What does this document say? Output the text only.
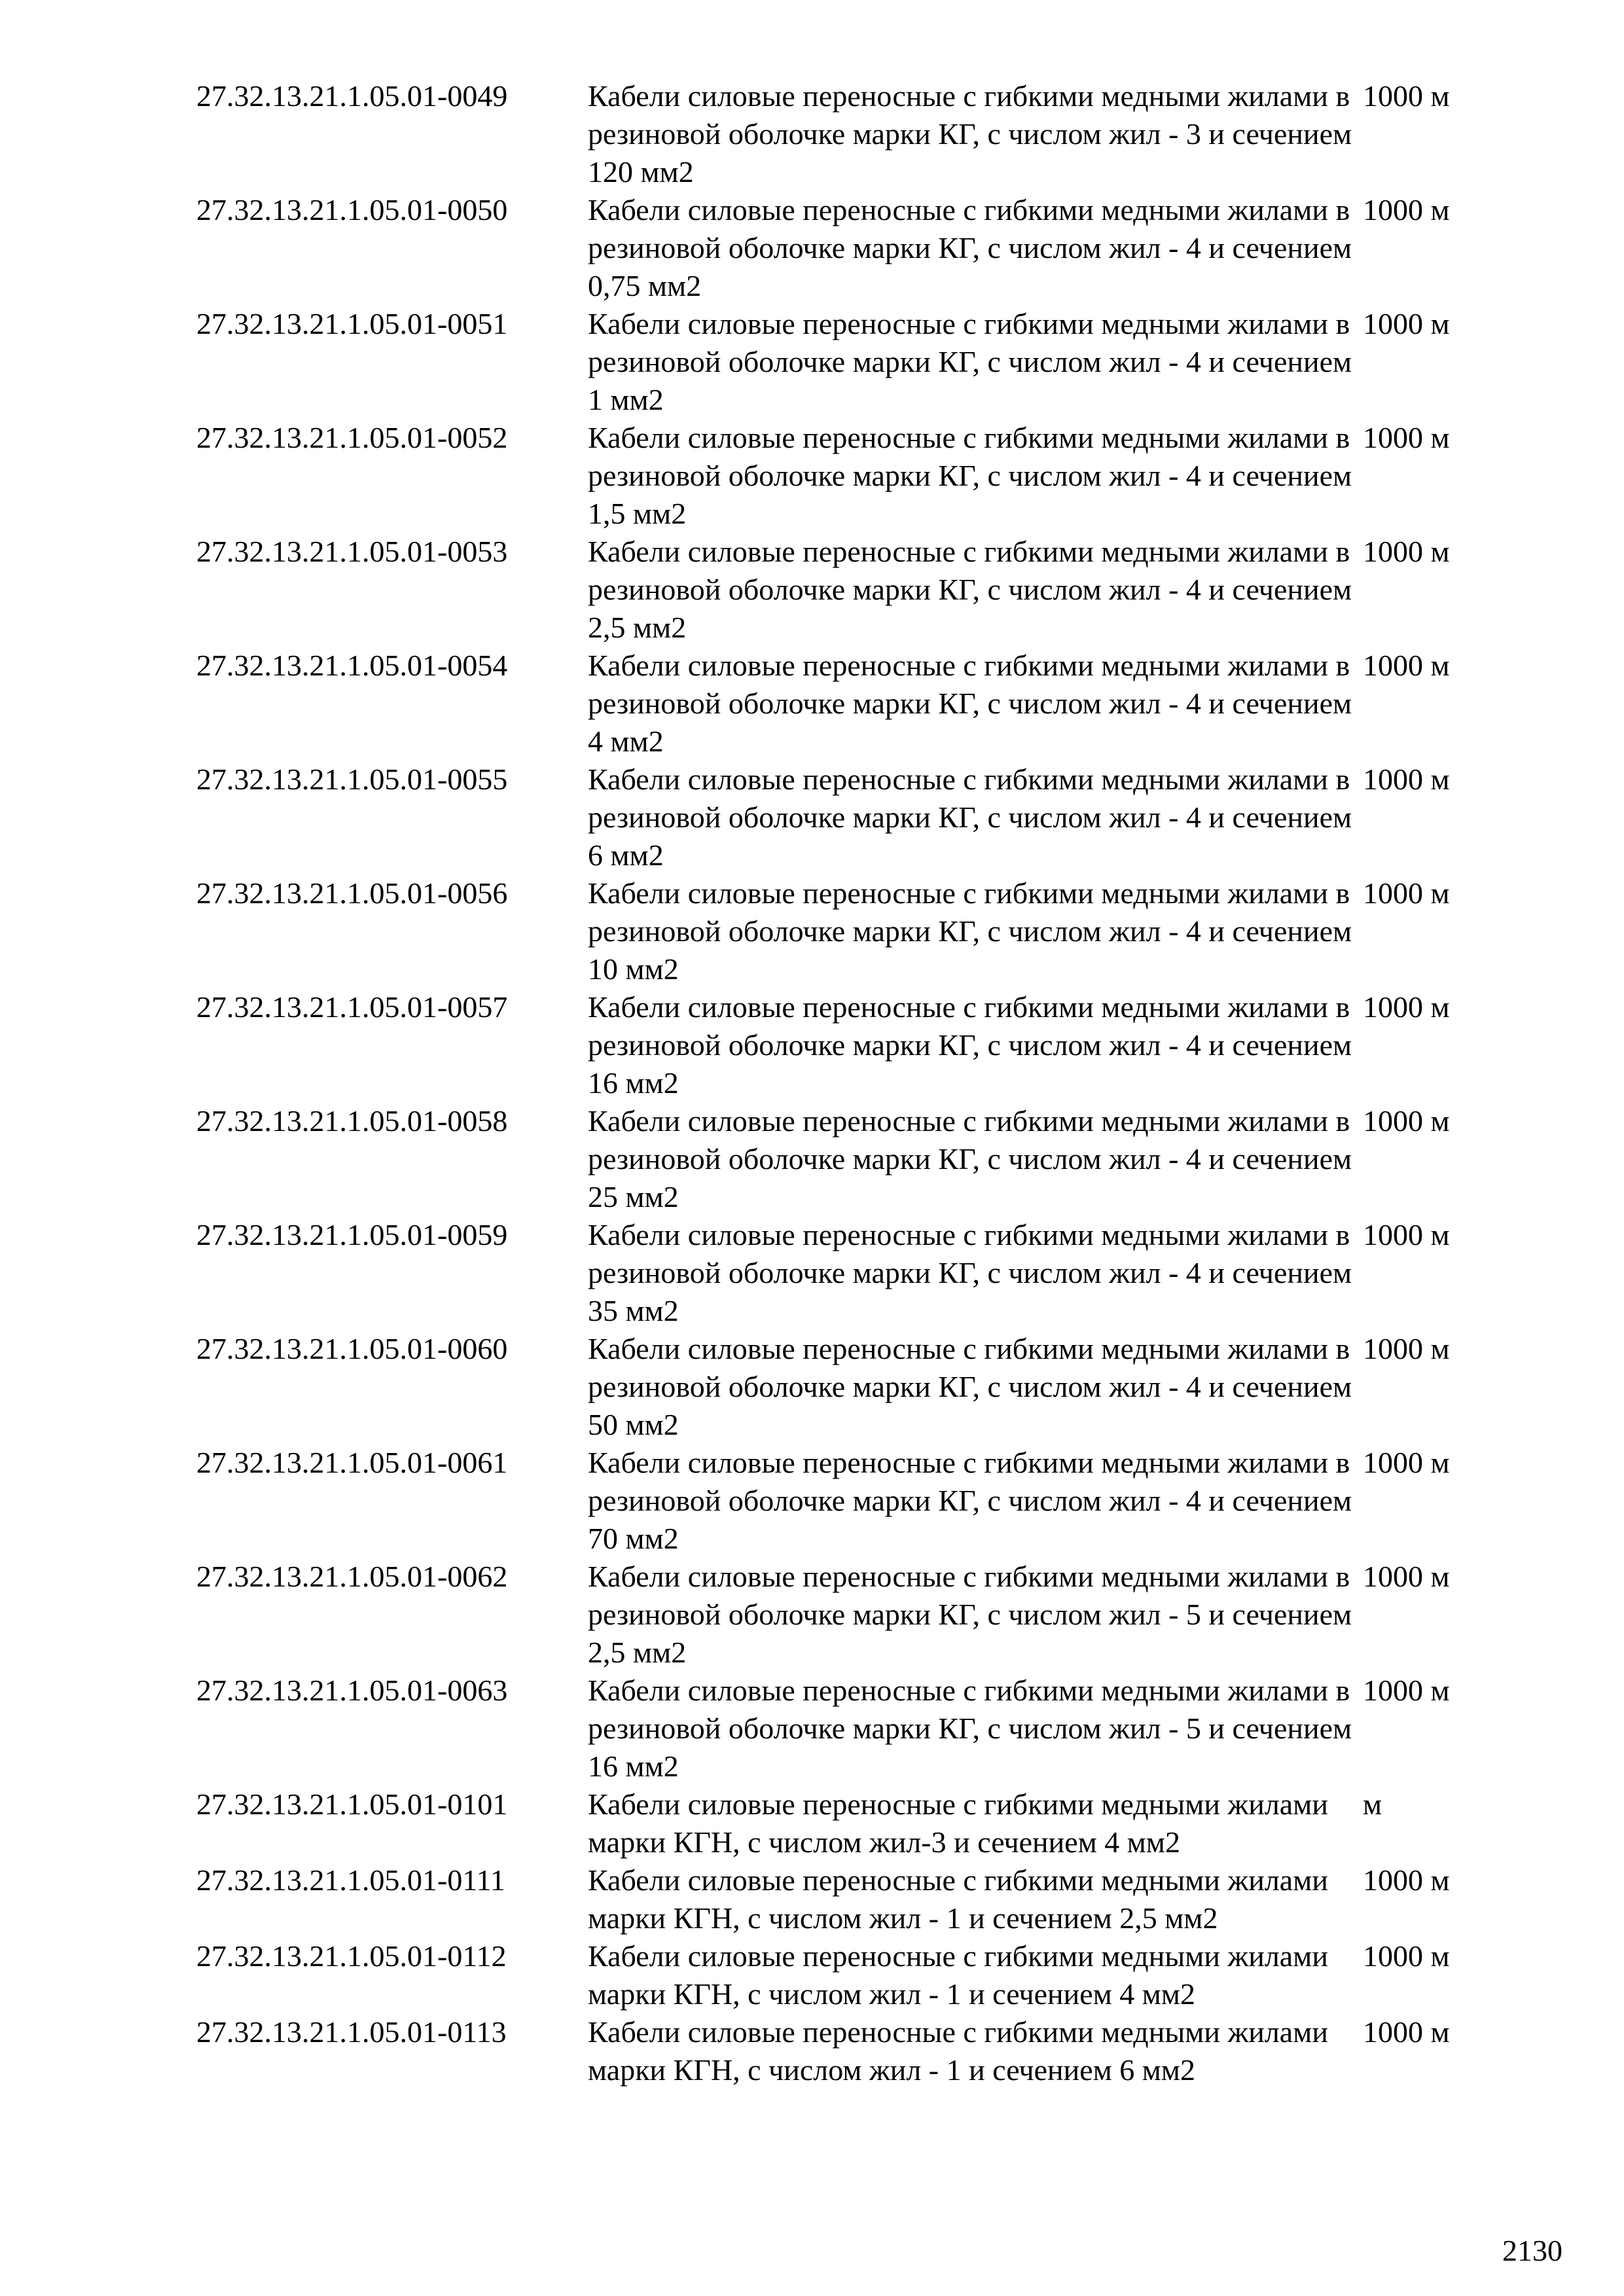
27.32.13.21.1.05.01-0049	Кабели силовые переносные с гибкими медными жилами в резиновой оболочке марки КГ, с числом жил - 3 и сечением 120 мм2	1000 м
27.32.13.21.1.05.01-0050	Кабели силовые переносные с гибкими медными жилами в резиновой оболочке марки КГ, с числом жил - 4 и сечением 0,75 мм2	1000 м
27.32.13.21.1.05.01-0051	Кабели силовые переносные с гибкими медными жилами в резиновой оболочке марки КГ, с числом жил - 4 и сечением 1 мм2	1000 м
27.32.13.21.1.05.01-0052	Кабели силовые переносные с гибкими медными жилами в резиновой оболочке марки КГ, с числом жил - 4 и сечением 1,5 мм2	1000 м
27.32.13.21.1.05.01-0053	Кабели силовые переносные с гибкими медными жилами в резиновой оболочке марки КГ, с числом жил - 4 и сечением 2,5 мм2	1000 м
27.32.13.21.1.05.01-0054	Кабели силовые переносные с гибкими медными жилами в резиновой оболочке марки КГ, с числом жил - 4 и сечением 4 мм2	1000 м
27.32.13.21.1.05.01-0055	Кабели силовые переносные с гибкими медными жилами в резиновой оболочке марки КГ, с числом жил - 4 и сечением 6 мм2	1000 м
27.32.13.21.1.05.01-0056	Кабели силовые переносные с гибкими медными жилами в резиновой оболочке марки КГ, с числом жил - 4 и сечением 10 мм2	1000 м
27.32.13.21.1.05.01-0057	Кабели силовые переносные с гибкими медными жилами в резиновой оболочке марки КГ, с числом жил - 4 и сечением 16 мм2	1000 м
27.32.13.21.1.05.01-0058	Кабели силовые переносные с гибкими медными жилами в резиновой оболочке марки КГ, с числом жил - 4 и сечением 25 мм2	1000 м
27.32.13.21.1.05.01-0059	Кабели силовые переносные с гибкими медными жилами в резиновой оболочке марки КГ, с числом жил - 4 и сечением 35 мм2	1000 м
27.32.13.21.1.05.01-0060	Кабели силовые переносные с гибкими медными жилами в резиновой оболочке марки КГ, с числом жил - 4 и сечением 50 мм2	1000 м
27.32.13.21.1.05.01-0061	Кабели силовые переносные с гибкими медными жилами в резиновой оболочке марки КГ, с числом жил - 4 и сечением 70 мм2	1000 м
27.32.13.21.1.05.01-0062	Кабели силовые переносные с гибкими медными жилами в резиновой оболочке марки КГ, с числом жил - 5 и сечением 2,5 мм2	1000 м
27.32.13.21.1.05.01-0063	Кабели силовые переносные с гибкими медными жилами в резиновой оболочке марки КГ, с числом жил - 5 и сечением 16 мм2	1000 м
27.32.13.21.1.05.01-0101	Кабели силовые переносные с гибкими медными жилами марки КГН, с числом жил-3 и сечением 4 мм2	м
27.32.13.21.1.05.01-0111	Кабели силовые переносные с гибкими медными жилами марки КГН, с числом жил - 1 и сечением 2,5 мм2	1000 м
27.32.13.21.1.05.01-0112	Кабели силовые переносные с гибкими медными жилами марки КГН, с числом жил - 1 и сечением 4 мм2	1000 м
27.32.13.21.1.05.01-0113	Кабели силовые переносные с гибкими медными жилами марки КГН, с числом жил - 1 и сечением 6 мм2	1000 м
2130
